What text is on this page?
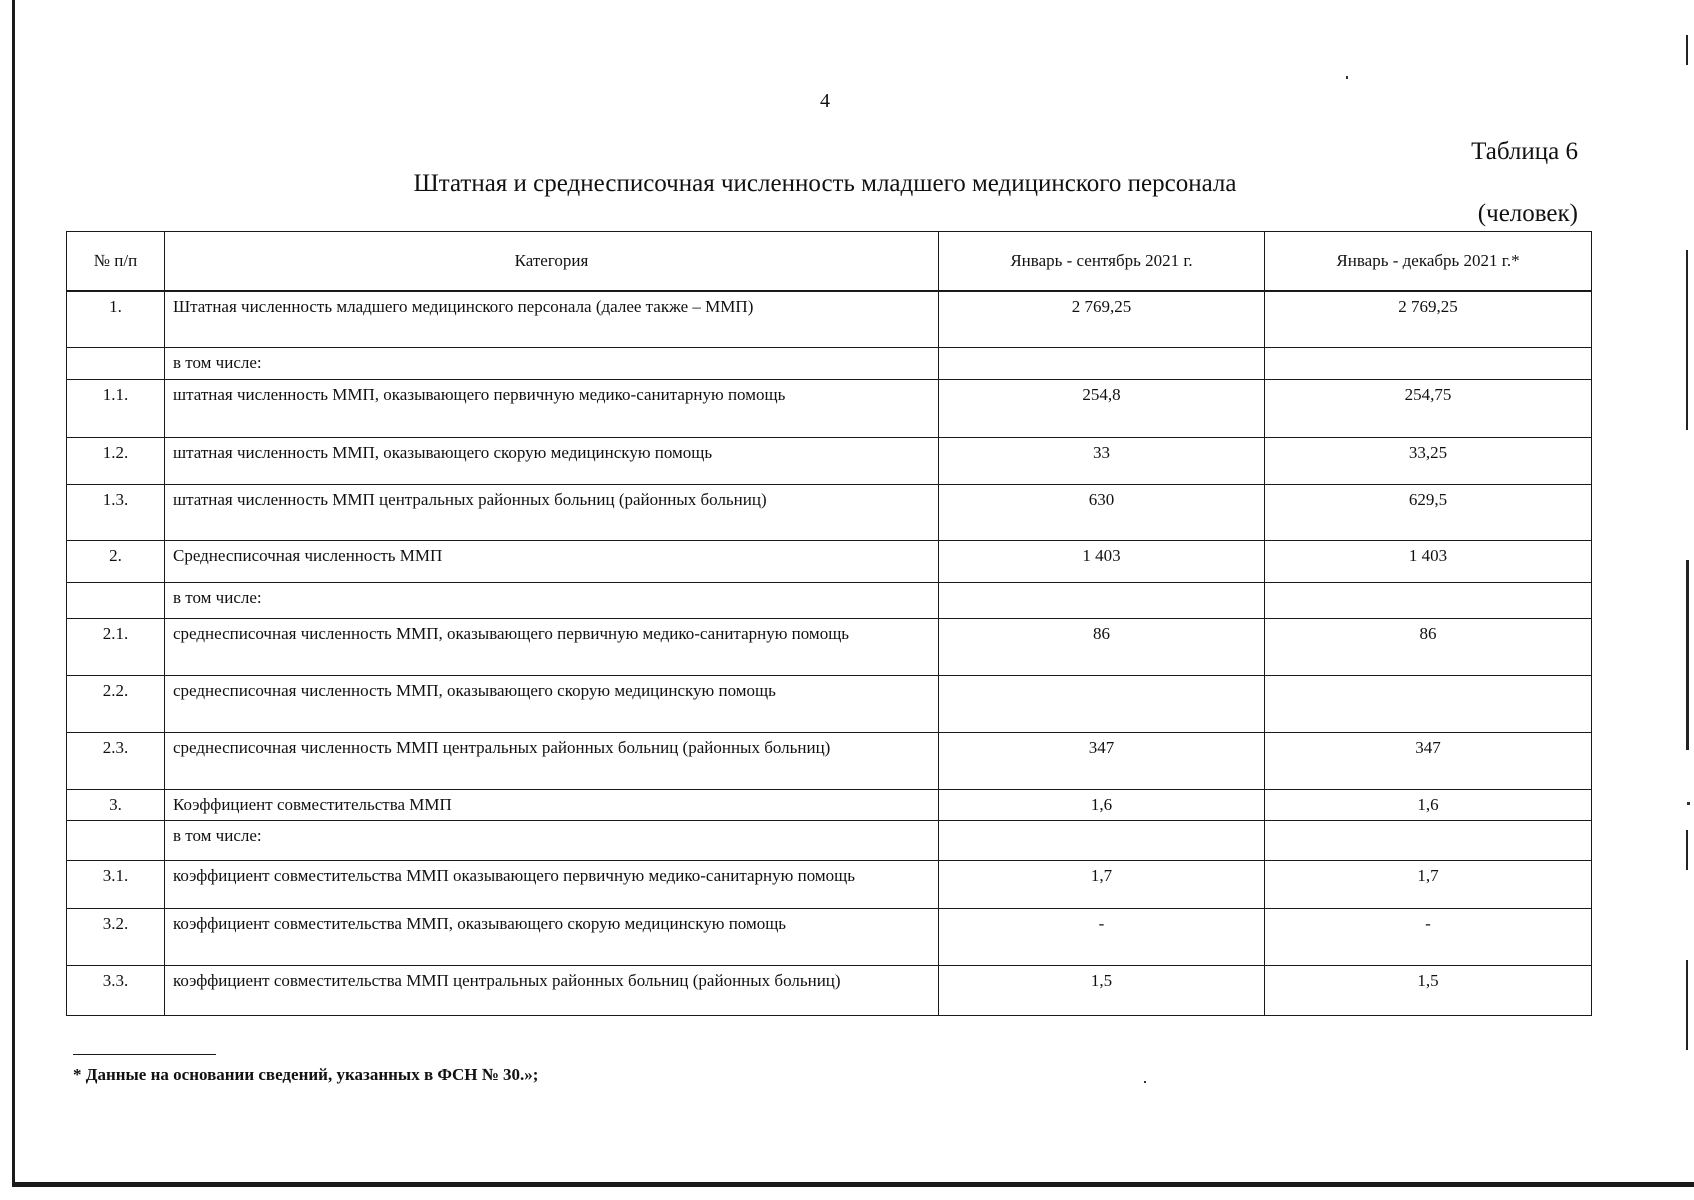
4
Таблица 6
Штатная и среднесписочная численность младшего медицинского персонала
(человек)
№ п/п	Категория	Январь - сентябрь 2021 г.	Январь - декабрь 2021 г.*
1.	Штатная численность младшего медицинского персонала (далее также – ММП)	2 769,25	2 769,25
	в том числе:		
1.1.	штатная численность ММП, оказывающего первичную медико-санитарную помощь	254,8	254,75
1.2.	штатная численность ММП, оказывающего скорую медицинскую помощь	33	33,25
1.3.	штатная численность ММП центральных районных больниц (районных больниц)	630	629,5
2.	Среднесписочная численность ММП	1 403	1 403
	в том числе:		
2.1.	среднесписочная численность ММП, оказывающего первичную медико-санитарную помощь	86	86
2.2.	среднесписочная численность ММП, оказывающего скорую медицинскую помощь		
2.3.	среднесписочная численность ММП центральных районных больниц (районных больниц)	347	347
3.	Коэффициент совместительства ММП	1,6	1,6
	в том числе:		
3.1.	коэффициент совместительства ММП оказывающего первичную медико-санитарную помощь	1,7	1,7
3.2.	коэффициент совместительства ММП, оказывающего скорую медицинскую помощь	-	-
3.3.	коэффициент совместительства ММП центральных районных больниц (районных больниц)	1,5	1,5
* Данные на основании сведений, указанных в ФСН № 30.»;
